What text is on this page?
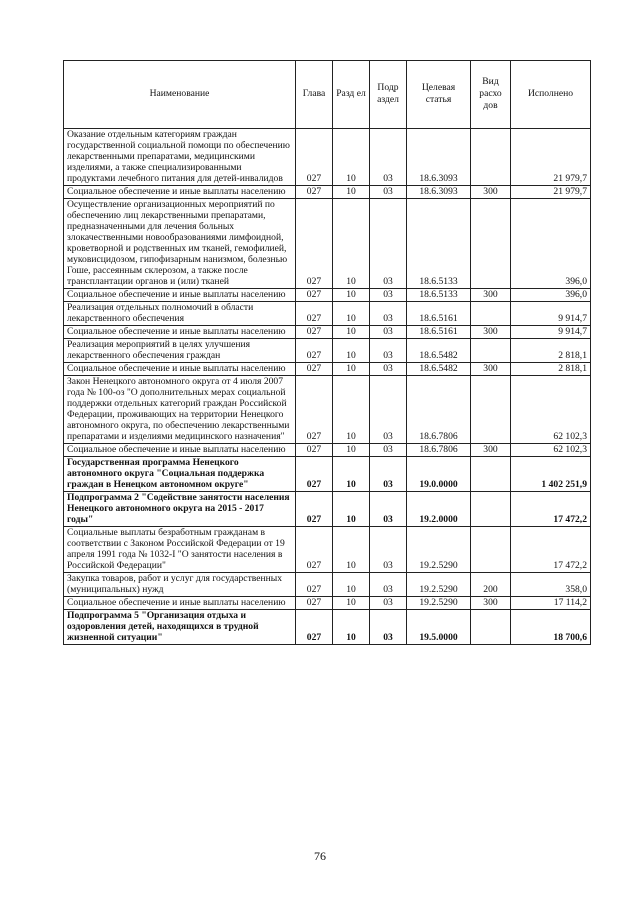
Наименование	Глава	Разд ел	Подр аздел	Целевая статья	Вид расхо дов	Исполнено
Оказание отдельным категориям граждан государственной социальной помощи по обеспечению лекарственными препаратами, медицинскими изделиями, а также специализированными продуктами лечебного питания для детей-инвалидов	027	10	03	18.6.3093		21 979,7
Социальное обеспечение и иные выплаты населению	027	10	03	18.6.3093	300	21 979,7
Осуществление организационных мероприятий по обеспечению лиц лекарственными препаратами, предназначенными для лечения больных злокачественными новообразованиями лимфоидной, кроветворной и родственных им тканей, гемофилией, муковисцидозом, гипофизарным нанизмом, болезнью Гоше, рассеянным склерозом, а также после трансплантации органов и (или) тканей	027	10	03	18.6.5133		396,0
Социальное обеспечение и иные выплаты населению	027	10	03	18.6.5133	300	396,0
Реализация отдельных полномочий в области лекарственного обеспечения	027	10	03	18.6.5161		9 914,7
Социальное обеспечение и иные выплаты населению	027	10	03	18.6.5161	300	9 914,7
Реализация мероприятий в целях улучшения лекарственного обеспечения граждан	027	10	03	18.6.5482		2 818,1
Социальное обеспечение и иные выплаты населению	027	10	03	18.6.5482	300	2 818,1
Закон Ненецкого автономного округа от 4 июля 2007 года № 100-оз "О дополнительных мерах социальной поддержки отдельных категорий граждан Российской Федерации, проживающих на территории Ненецкого автономного округа, по обеспечению лекарственными препаратами и изделиями медицинского назначения"	027	10	03	18.6.7806		62 102,3
Социальное обеспечение и иные выплаты населению	027	10	03	18.6.7806	300	62 102,3
Государственная программа Ненецкого автономного округа "Социальная поддержка граждан в Ненецком автономном округе"	027	10	03	19.0.0000		1 402 251,9
Подпрограмма 2 "Содействие занятости населения Ненецкого автономного округа на 2015 - 2017 годы"	027	10	03	19.2.0000		17 472,2
Социальные выплаты безработным гражданам в соответствии с Законом Российской Федерации от 19 апреля 1991 года № 1032-I "О занятости населения в Российской Федерации"	027	10	03	19.2.5290		17 472,2
Закупка товаров, работ и услуг для государственных (муниципальных) нужд	027	10	03	19.2.5290	200	358,0
Социальное обеспечение и иные выплаты населению	027	10	03	19.2.5290	300	17 114,2
Подпрограмма 5 "Организация отдыха и оздоровления детей, находящихся в трудной жизненной ситуации"	027	10	03	19.5.0000		18 700,6
76
